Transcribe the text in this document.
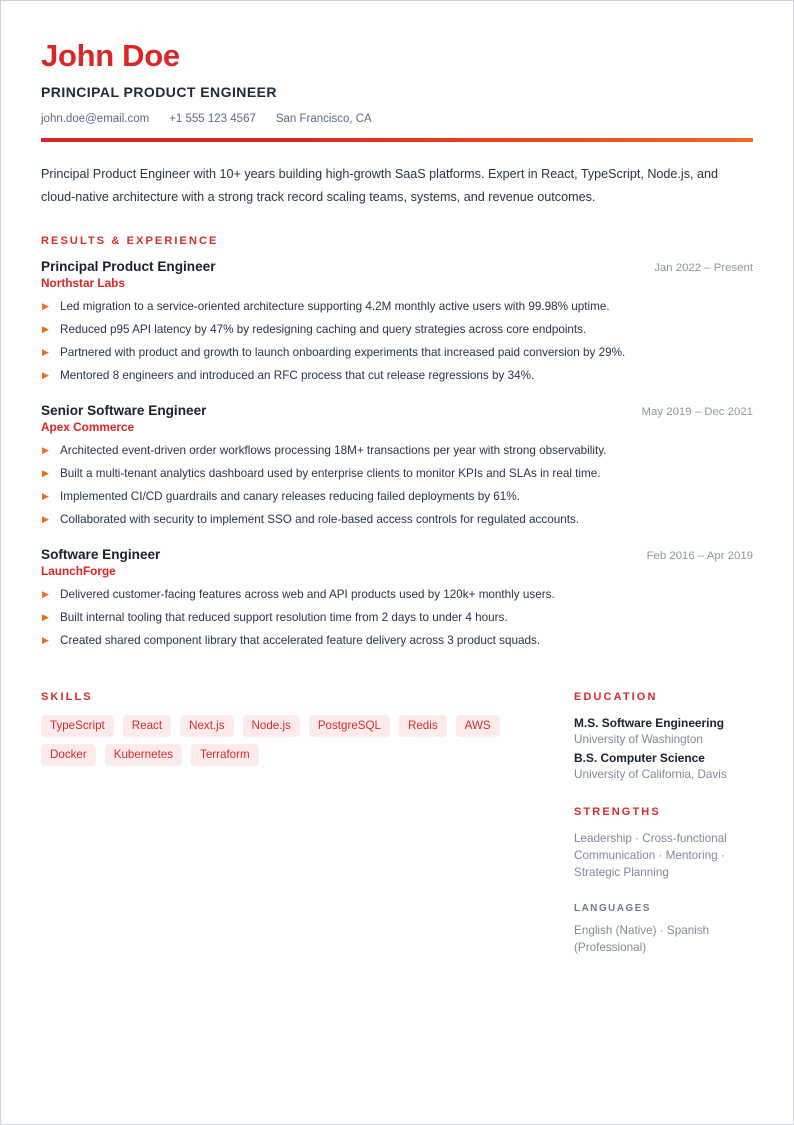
John Doe
PRINCIPAL PRODUCT ENGINEER
john.doe@email.com +1 555 123 4567 San Francisco, CA
Principal Product Engineer with 10+ years building high-growth SaaS platforms. Expert in React, TypeScript, Node.js, and cloud-native architecture with a strong track record scaling teams, systems, and revenue outcomes.
RESULTS & EXPERIENCE
Principal Product Engineer	Jan 2022 – Present
Northstar Labs
▶ Led migration to a service-oriented architecture supporting 4.2M monthly active users with 99.98% uptime.
▶ Reduced p95 API latency by 47% by redesigning caching and query strategies across core endpoints.
▶ Partnered with product and growth to launch onboarding experiments that increased paid conversion by 29%.
▶ Mentored 8 engineers and introduced an RFC process that cut release regressions by 34%.
Senior Software Engineer	May 2019 – Dec 2021
Apex Commerce
▶ Architected event-driven order workflows processing 18M+ transactions per year with strong observability.
▶ Built a multi-tenant analytics dashboard used by enterprise clients to monitor KPIs and SLAs in real time.
▶ Implemented CI/CD guardrails and canary releases reducing failed deployments by 61%.
▶ Collaborated with security to implement SSO and role-based access controls for regulated accounts.
Software Engineer	Feb 2016 – Apr 2019
LaunchForge
▶ Delivered customer-facing features across web and API products used by 120k+ monthly users.
▶ Built internal tooling that reduced support resolution time from 2 days to under 4 hours.
▶ Created shared component library that accelerated feature delivery across 3 product squads.
SKILLS
TypeScript	React	Next.js	Node.js	PostgreSQL	Redis	AWS
Docker	Kubernetes	Terraform
EDUCATION
M.S. Software Engineering
University of Washington
B.S. Computer Science
University of California, Davis
STRENGTHS
Leadership · Cross-functional Communication · Mentoring · Strategic Planning
LANGUAGES
English (Native) · Spanish (Professional)
